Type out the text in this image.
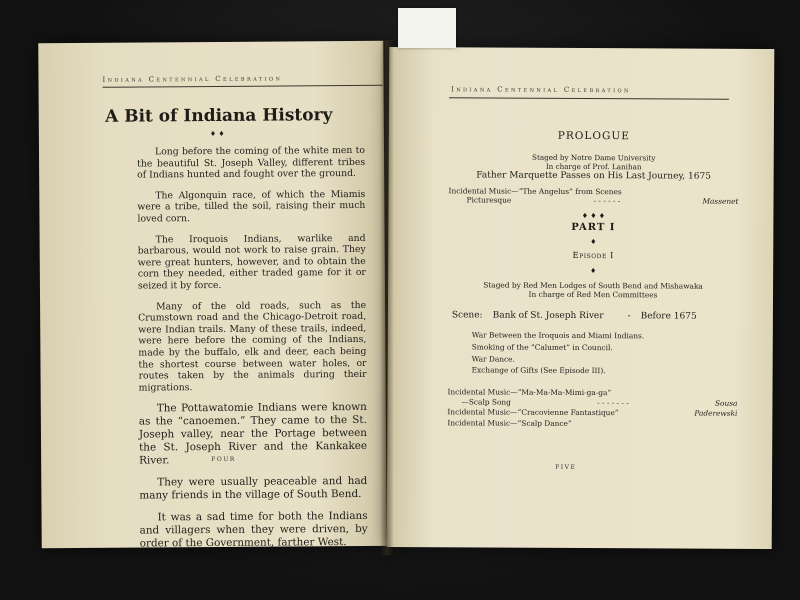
Indiana Centennial Celebration
A Bit of Indiana History
♦ ♦

Long before the coming of the white men to the beautiful St. Joseph Valley, different tribes of Indians hunted and fought over the ground.

The Algonquin race, of which the Miamis were a tribe, tilled the soil, raising their much loved corn.

The Iroquois Indians, warlike and barbarous, would not work to raise grain. They were great hunters, however, and to obtain the corn they needed, either traded game for it or seized it by force.

Many of the old roads, such as the Crumstown road and the Chicago-Detroit road, were Indian trails. Many of these trails, indeed, were here before the coming of the Indians, made by the buffalo, elk and deer, each being the shortest course between water holes, or routes taken by the animals during their migrations.

The Pottawatomie Indians were known as the “canoemen.” They came to the St. Joseph valley, near the Portage between the St. Joseph River and the Kankakee River.

They were usually peaceable and had many friends in the village of South Bend.

It was a sad time for both the Indians and villagers when they were driven, by order of the Government, farther West.

FOUR
Indiana Centennial Celebration
PROLOGUE
Staged by Notre Dame University
In charge of Prof. Lanihan
Father Marquette Passes on His Last Journey, 1675
Incidental Music—“The Angelus” from Scenes
Picturesque	- - - - - -	Massenet
♦ ♦ ♦
PART I
♦
Episode I
♦
Staged by Red Men Lodges of South Bend and Mishawaka
In charge of Red Men Committees
Scene: Bank of St. Joseph River	- Before 1675
War Between the Iroquois and Miami Indians.
Smoking of the “Calumet” in Council.
War Dance.
Exchange of Gifts (See Episode III).
Incidental Music—“Ma-Ma-Ma-Mimi-ga-ga”
—Scalp Song	- - - - - - -	Sousa
Incidental Music—“Cracovienne Fantastique”	Paderewski
Incidental Music—“Scalp Dance”
FIVE
